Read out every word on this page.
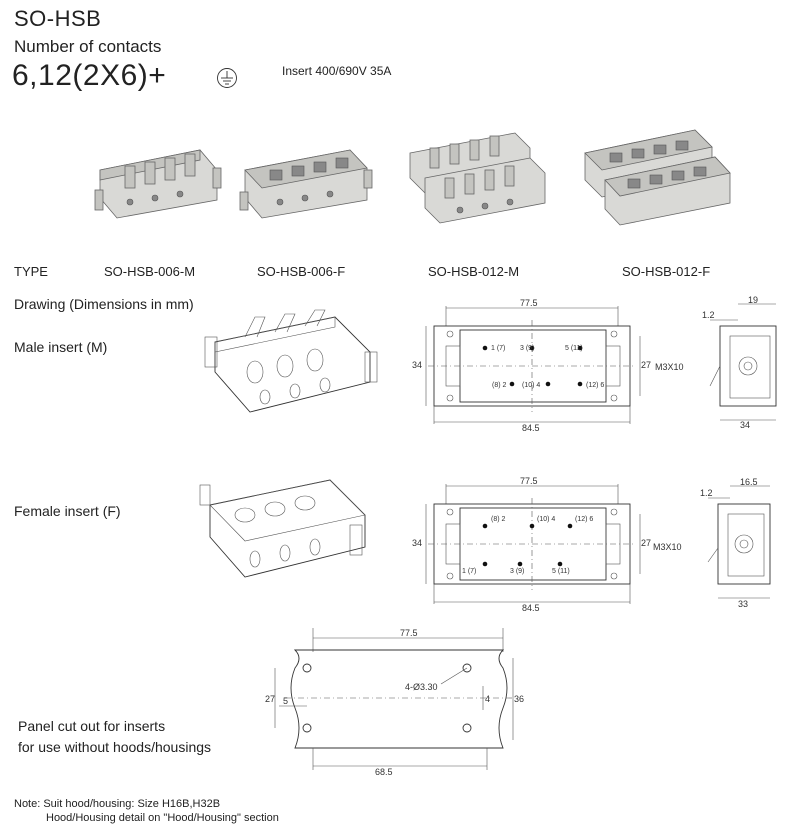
SO-HSB
Number of contacts
6,12(2X6)+	Insert 400/690V 35A
TYPE	SO-HSB-006-M	SO-HSB-006-F	SO-HSB-012-M	SO-HSB-012-F
Drawing (Dimensions in mm)
Male insert (M)
77.5
1 (7) 3 (9)	5 (11)
(8) 2 (10) 4	(12) 6
34	27
84.5
19
1.2
M3X10
34
Female insert (F)
77.5
(8) 2	(10) 4	(12) 6
1 (7)	3 (9)	5 (11)
34	27
84.5
16.5
1.2
M3X10
33
77.5
4-Ø3.30
27 5	4	36
68.5
Panel cut out for inserts
for use without hoods/housings
Note: Suit hood/housing: Size H16B,H32B
Hood/Housing detail on "Hood/Housing" section
